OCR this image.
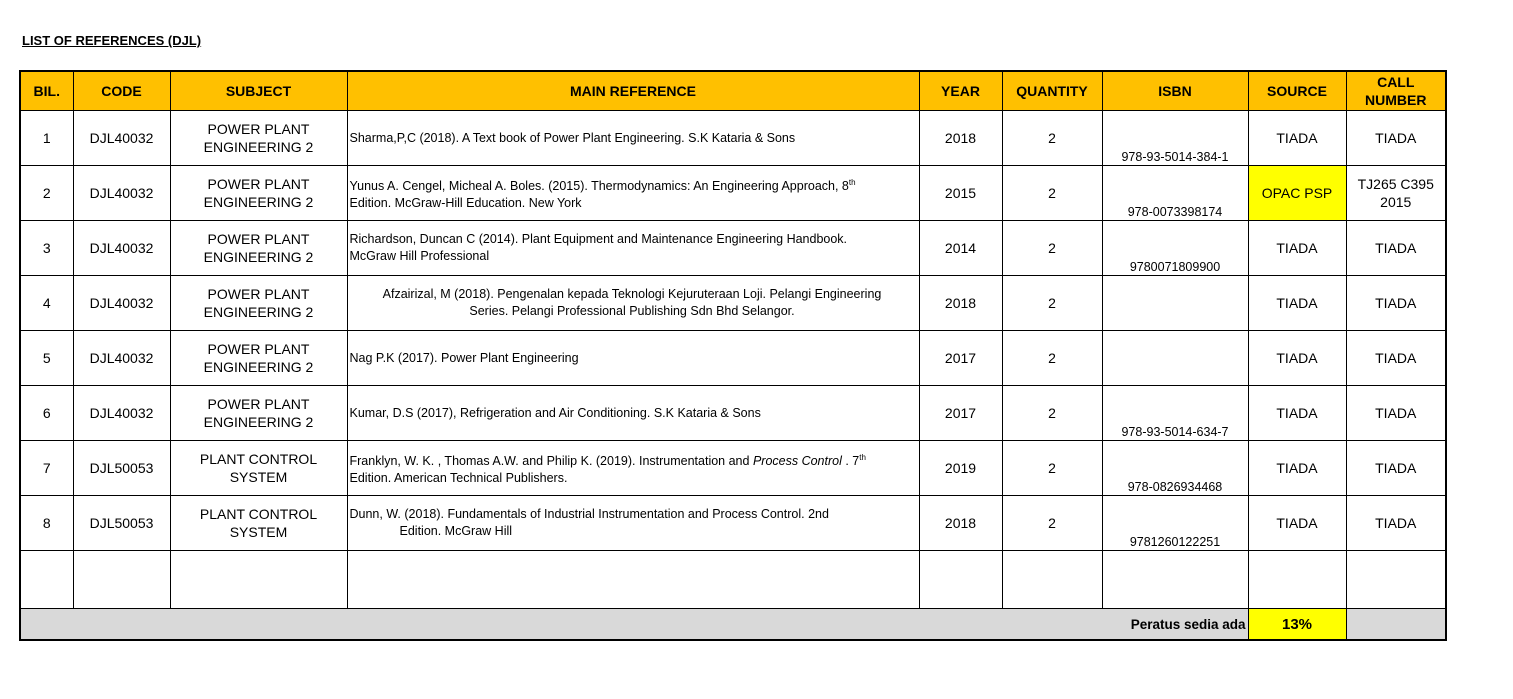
LIST OF REFERENCES (DJL)
BIL.	CODE	SUBJECT	MAIN REFERENCE	YEAR	QUANTITY	ISBN	SOURCE	CALL
NUMBER
1	DJL40032	POWER PLANT
ENGINEERING 2	Sharma,P,C (2018). A Text book of Power Plant Engineering. S.K Kataria & Sons	2018	2	978-93-5014-384-1	TIADA	TIADA
2	DJL40032	POWER PLANT
ENGINEERING 2	Yunus A. Cengel, Micheal A. Boles. (2015). Thermodynamics: An Engineering Approach, 8th
Edition. McGraw-Hill Education. New York	2015	2	978-0073398174	OPAC PSP	TJ265 C395
2015
3	DJL40032	POWER PLANT
ENGINEERING 2	Richardson, Duncan C (2014). Plant Equipment and Maintenance Engineering Handbook.
McGraw Hill Professional	2014	2	9780071809900	TIADA	TIADA
4	DJL40032	POWER PLANT
ENGINEERING 2	Afzairizal, M (2018). Pengenalan kepada Teknologi Kejuruteraan Loji. Pelangi Engineering
Series. Pelangi Professional Publishing Sdn Bhd Selangor.	2018	2		TIADA	TIADA
5	DJL40032	POWER PLANT
ENGINEERING 2	Nag P.K (2017). Power Plant Engineering	2017	2		TIADA	TIADA
6	DJL40032	POWER PLANT
ENGINEERING 2	Kumar, D.S (2017), Refrigeration and Air Conditioning. S.K Kataria & Sons	2017	2	978-93-5014-634-7	TIADA	TIADA
7	DJL50053	PLANT CONTROL
SYSTEM	Franklyn, W. K. , Thomas A.W. and Philip K. (2019). Instrumentation and Process Control . 7th
Edition. American Technical Publishers.	2019	2	978-0826934468	TIADA	TIADA
8	DJL50053	PLANT CONTROL
SYSTEM	Dunn, W. (2018). Fundamentals of Industrial Instrumentation and Process Control. 2nd
Edition. McGraw Hill	2018	2	9781260122251	TIADA	TIADA

Peratus sedia ada							13%	
